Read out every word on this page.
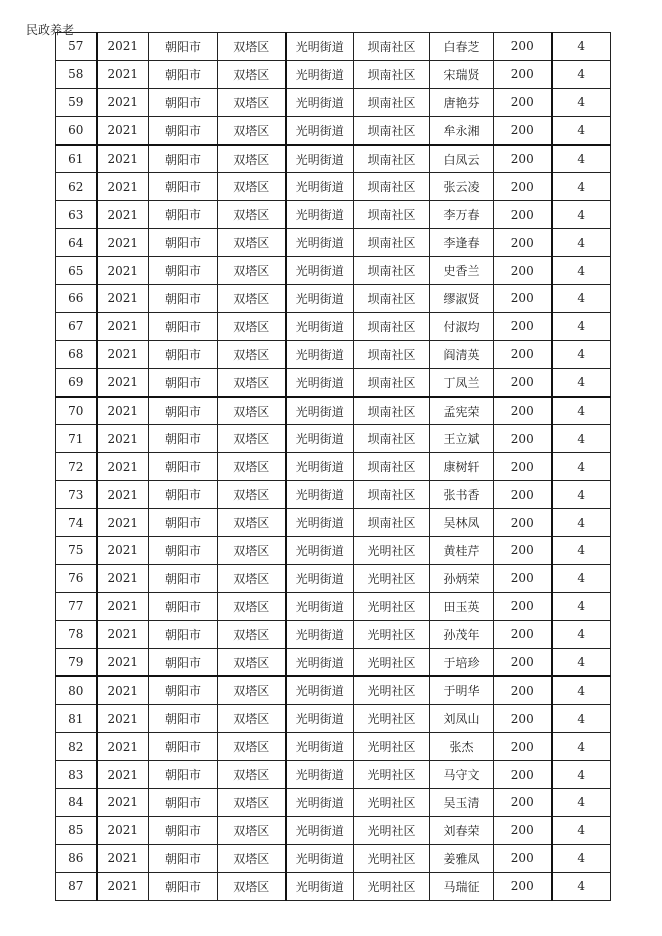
民政养老
57	2021	朝阳市	双塔区	光明街道	坝南社区	白春芝	200	4
58	2021	朝阳市	双塔区	光明街道	坝南社区	宋瑞贤	200	4
59	2021	朝阳市	双塔区	光明街道	坝南社区	唐艳芬	200	4
60	2021	朝阳市	双塔区	光明街道	坝南社区	牟永湘	200	4
61	2021	朝阳市	双塔区	光明街道	坝南社区	白凤云	200	4
62	2021	朝阳市	双塔区	光明街道	坝南社区	张云凌	200	4
63	2021	朝阳市	双塔区	光明街道	坝南社区	李万春	200	4
64	2021	朝阳市	双塔区	光明街道	坝南社区	李逢春	200	4
65	2021	朝阳市	双塔区	光明街道	坝南社区	史香兰	200	4
66	2021	朝阳市	双塔区	光明街道	坝南社区	缪淑贤	200	4
67	2021	朝阳市	双塔区	光明街道	坝南社区	付淑均	200	4
68	2021	朝阳市	双塔区	光明街道	坝南社区	阎清英	200	4
69	2021	朝阳市	双塔区	光明街道	坝南社区	丁凤兰	200	4
70	2021	朝阳市	双塔区	光明街道	坝南社区	孟宪荣	200	4
71	2021	朝阳市	双塔区	光明街道	坝南社区	王立斌	200	4
72	2021	朝阳市	双塔区	光明街道	坝南社区	康树轩	200	4
73	2021	朝阳市	双塔区	光明街道	坝南社区	张书香	200	4
74	2021	朝阳市	双塔区	光明街道	坝南社区	吴林凤	200	4
75	2021	朝阳市	双塔区	光明街道	光明社区	黄桂芹	200	4
76	2021	朝阳市	双塔区	光明街道	光明社区	孙炳荣	200	4
77	2021	朝阳市	双塔区	光明街道	光明社区	田玉英	200	4
78	2021	朝阳市	双塔区	光明街道	光明社区	孙茂年	200	4
79	2021	朝阳市	双塔区	光明街道	光明社区	于培珍	200	4
80	2021	朝阳市	双塔区	光明街道	光明社区	于明华	200	4
81	2021	朝阳市	双塔区	光明街道	光明社区	刘凤山	200	4
82	2021	朝阳市	双塔区	光明街道	光明社区	张杰	200	4
83	2021	朝阳市	双塔区	光明街道	光明社区	马守文	200	4
84	2021	朝阳市	双塔区	光明街道	光明社区	吴玉清	200	4
85	2021	朝阳市	双塔区	光明街道	光明社区	刘春荣	200	4
86	2021	朝阳市	双塔区	光明街道	光明社区	姜雅凤	200	4
87	2021	朝阳市	双塔区	光明街道	光明社区	马瑞征	200	4
